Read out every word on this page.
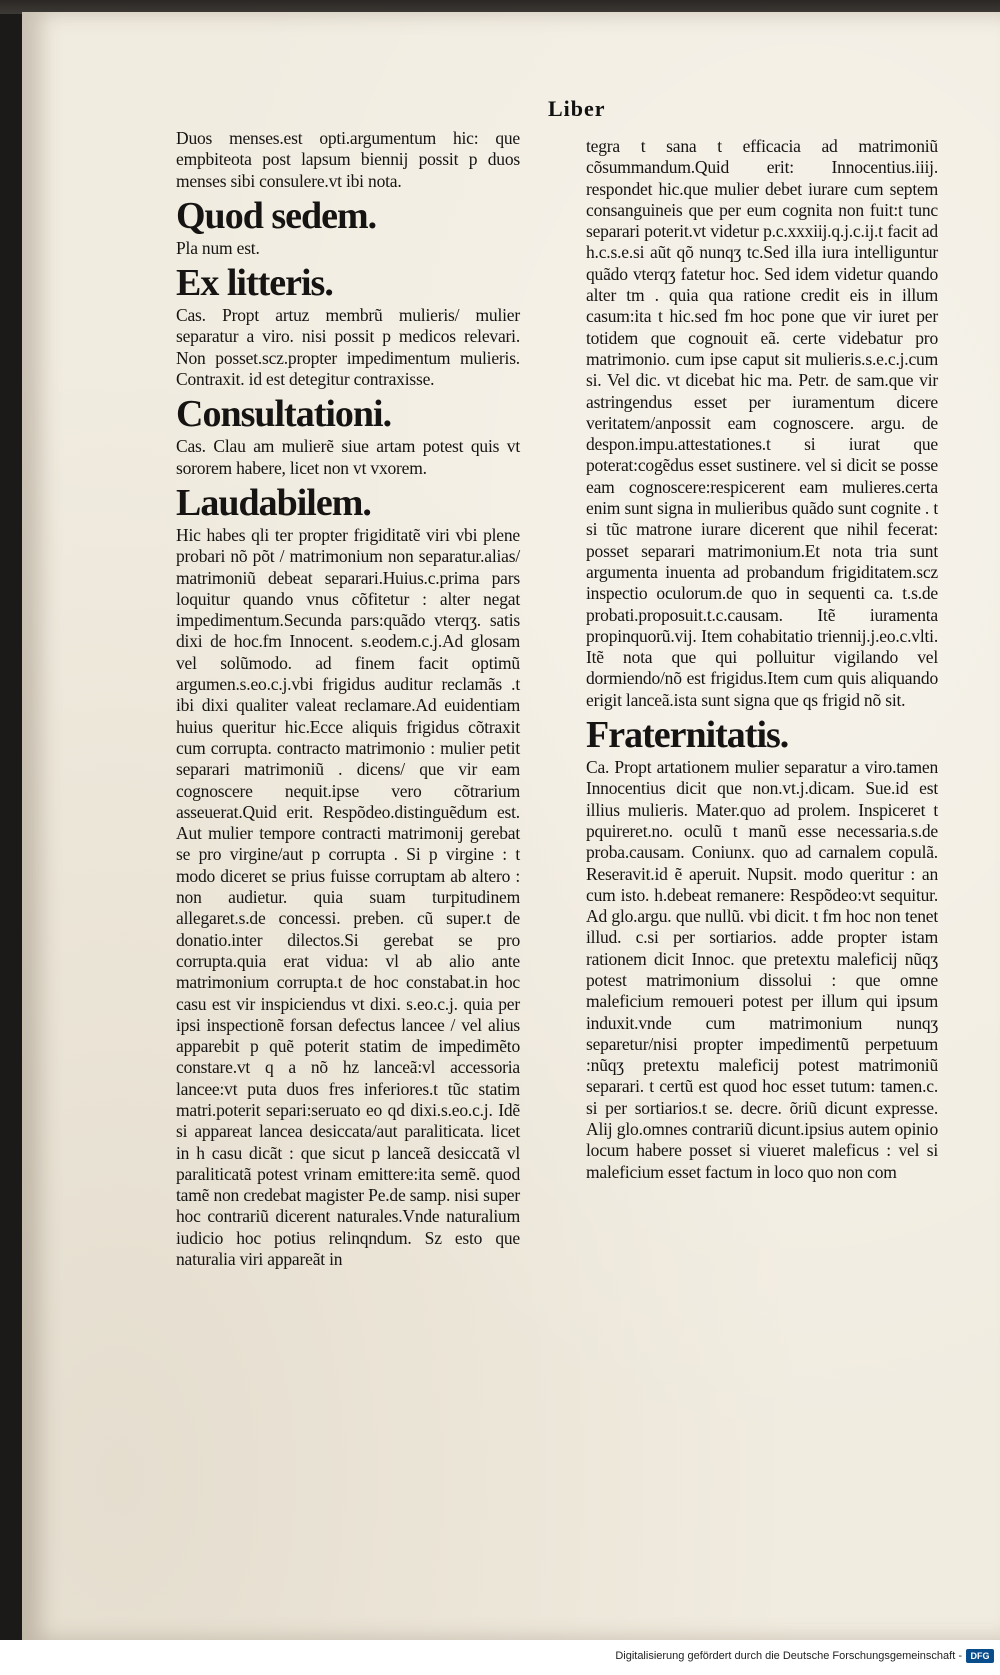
Liber

Duos menses.est opti.argumentum hic: que empbiteota post lapsum biennij possit p duos menses sibi consulere.vt ibi nota.

Quod sedem.

Pla num est.

Ex litteris.

Cas. Propt artuz membrũ mulieris/ mulier separatur a viro. nisi possit p medicos relevari. Non posset.scz.propter impedimentum mulieris. Contraxit. id est detegitur contraxisse.

Consultationi.

Cas. Clau am mulierẽ siue artam potest quis vt sororem habere, licet non vt vxorem.

Laudabilem.

Hic habes qli ter propter frigiditatẽ viri vbi plene probari nõ põt / matrimonium non separatur.alias/ matrimoniũ debeat separari.Huius.c.prima pars loquitur quando vnus cõfitetur : alter negat impedimentum.Secunda pars:quãdo vterqʒ. satis dixi de hoc.fm Innocent. s.eodem.c.j.Ad glosam vel solũmodo. ad finem facit optimũ argumen.s.eo.c.j.vbi frigidus auditur reclamãs .t ibi dixi qualiter valeat reclamare.Ad euidentiam huius queritur hic.Ecce aliquis frigidus cõtraxit cum corrupta. contracto matrimonio : mulier petit separari matrimoniũ . dicens/ que vir eam cognoscere nequit.ipse vero cõtrarium asseuerat.Quid erit. Respõdeo.distinguẽdum est. Aut mulier tempore contracti matrimonij gerebat se pro virgine/aut p corrupta . Si p virgine : t modo diceret se prius fuisse corruptam ab altero : non audietur. quia suam turpitudinem allegaret.s.de concessi. preben. cũ super.t de donatio.inter dilectos.Si gerebat se pro corrupta.quia erat vidua: vl ab alio ante matrimonium corrupta.t de hoc constabat.in hoc casu est vir inspiciendus vt dixi. s.eo.c.j. quia per ipsi inspectionẽ forsan defectus lancee / vel alius apparebit p quẽ poterit statim de impedimẽto constare.vt q a nõ hz lanceã:vl accessoria lancee:vt puta duos fres inferiores.t tũc statim matri.poterit separi:seruato eo qd dixi.s.eo.c.j. Idẽ si appareat lancea desiccata/aut paraliticata. licet in h casu dicãt : que sicut p lanceã desiccatã vl paraliticatã potest vrinam emittere:ita semẽ. quod tamẽ non credebat magister Pe.de samp. nisi super hoc contrariũ dicerent naturales.Vnde naturalium iudicio hoc potius relinqndum. Sz esto que naturalia viri appareãt in

tegra t sana t efficacia ad matrimoniũ cõsummandum.Quid erit: Innocentius.iiij. respondet hic.que mulier debet iurare cum septem consanguineis que per eum cognita non fuit:t tunc separari poterit.vt videtur p.c.xxxiij.q.j.c.ij.t facit ad h.c.s.e.si aũt qõ nunqʒ tc.Sed illa iura intelliguntur quãdo vterqʒ fatetur hoc. Sed idem videtur quando alter tm . quia qua ratione credit eis in illum casum:ita t hic.sed fm hoc pone que vir iuret per totidem que cognouit eã. certe videbatur pro matrimonio. cum ipse caput sit mulieris.s.e.c.j.cum si. Vel dic. vt dicebat hic ma. Petr. de sam.que vir astringendus esset per iuramentum dicere veritatem/anpossit eam cognoscere. argu. de despon.impu.attestationes.t si iurat que poterat:cogẽdus esset sustinere. vel si dicit se posse eam cognoscere:respicerent eam mulieres.certa enim sunt signa in mulieribus quãdo sunt cognite . t si tũc matrone iurare dicerent que nihil fecerat: posset separari matrimonium.Et nota tria sunt argumenta inuenta ad probandum frigiditatem.scz inspectio oculorum.de quo in sequenti ca. t.s.de probati.proposuit.t.c.causam. Itẽ iuramenta propinquorũ.vij. Item cohabitatio triennij.j.eo.c.vlti. Itẽ nota que qui polluitur vigilando vel dormiendo/nõ est frigidus.Item cum quis aliquando erigit lanceã.ista sunt signa que qs frigid nõ sit.

Fraternitatis.

Ca. Propt artationem mulier separatur a viro.tamen Innocentius dicit que non.vt.j.dicam. Sue.id est illius mulieris. Mater.quo ad prolem. Inspiceret t pquireret.no. oculũ t manũ esse necessaria.s.de proba.causam. Coniunx. quo ad carnalem copulã. Reseravit.id ẽ aperuit. Nupsit. modo queritur : an cum isto. h.debeat remanere: Respõdeo:vt sequitur. Ad glo.argu. que nullũ. vbi dicit. t fm hoc non tenet illud. c.si per sortiarios. adde propter istam rationem dicit Innoc. que pretextu maleficij nũqʒ potest matrimonium dissolui : que omne maleficium remoueri potest per illum qui ipsum induxit.vnde cum matrimonium nunqʒ separetur/nisi propter impedimentũ perpetuum :nũqʒ pretextu maleficij potest matrimoniũ separari. t certũ est quod hoc esset tutum: tamen.c. si per sortiarios.t se. decre. õriũ dicunt expresse. Alij glo.omnes contrariũ dicunt.ipsius autem opinio locum habere posset si viueret maleficus : vel si maleficium esset factum in loco quo non com

Digitalisierung gefördert durch die Deutsche Forschungsgemeinschaft - DFG
